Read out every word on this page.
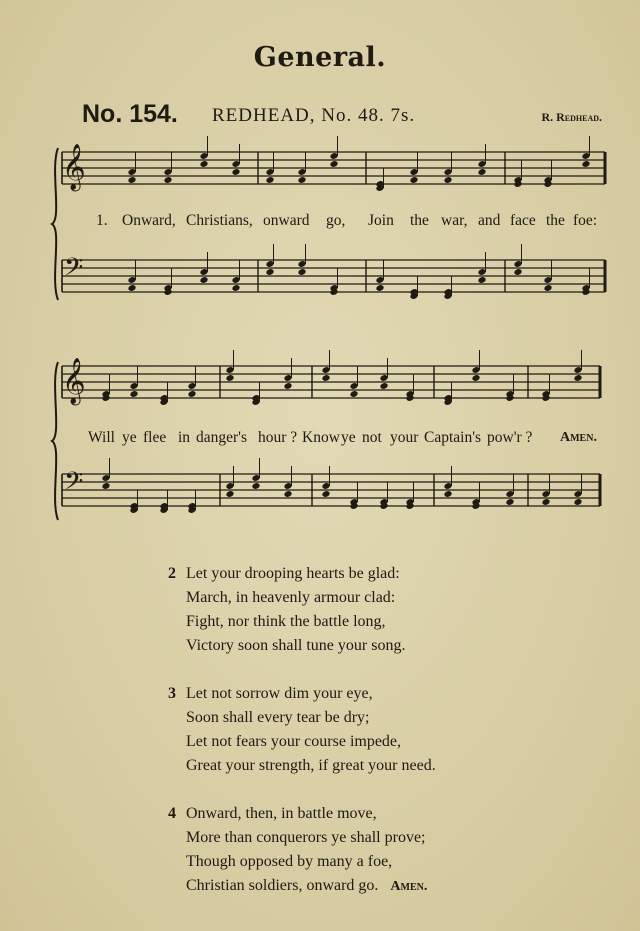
General.
No. 154. REDHEAD, No. 48. 7s.	R. Redhead.
𝄞
𝄢
𝄞
𝄢
1. Onward, Christians, onward go, Join the war, and face the foe:
Will ye flee in danger's hour ? Know ye not your Captain's pow'r ? Amen.
2 Let your drooping hearts be glad:
March, in heavenly armour clad:
Fight, nor think the battle long,
Victory soon shall tune your song.
3 Let not sorrow dim your eye,
Soon shall every tear be dry;
Let not fears your course impede,
Great your strength, if great your need.
4 Onward, then, in battle move,
More than conquerors ye shall prove;
Though opposed by many a foe,
Christian soldiers, onward go. Amen.
